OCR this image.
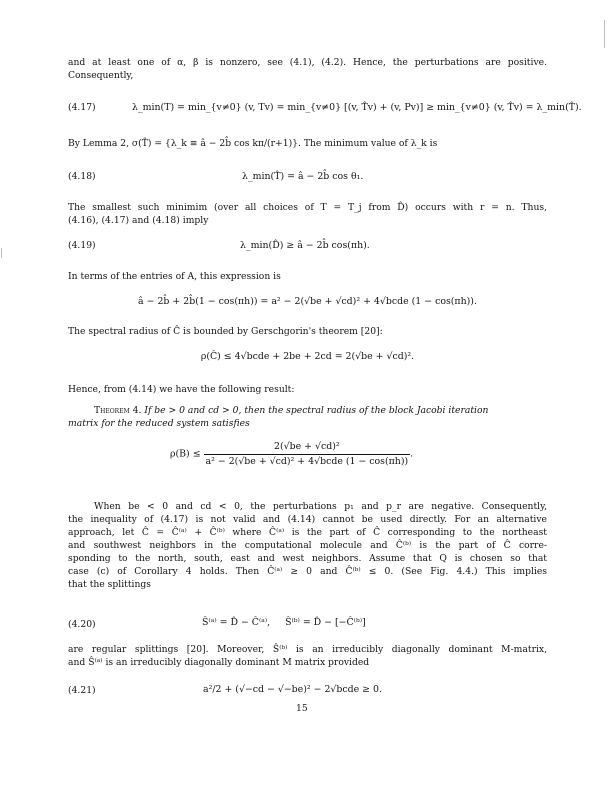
and at least one of α, β is nonzero, see (4.1), (4.2). Hence, the perturbations are positive.
Consequently,
(4.17)	λ_min(T) = min_{v≠0} (v, Tv) = min_{v≠0} [(v, T̂v) + (v, Pv)] ≥ min_{v≠0} (v, T̂v) = λ_min(T̂).
By Lemma 2, σ(T̂) = {λ_k ≡ â − 2b̂ cos kπ/(r+1)}. The minimum value of λ_k is
(4.18)	λ_min(T̂) = â − 2b̂ cos θ₁.
The smallest such minimim (over all choices of T = T_j from D̂) occurs with r = n. Thus,
(4.16), (4.17) and (4.18) imply
(4.19)	λ_min(D̂) ≥ â − 2b̂ cos(πh).
In terms of the entries of A, this expression is
â − 2b̂ + 2b̂(1 − cos(πh)) = a² − 2(√be + √cd)² + 4√bcde (1 − cos(πh)).
The spectral radius of Ĉ is bounded by Gerschgorin's theorem [20]:
ρ(Ĉ) ≤ 4√bcde + 2be + 2cd = 2(√be + √cd)².
Hence, from (4.14) we have the following result:
Theorem 4. If be > 0 and cd > 0, then the spectral radius of the block Jacobi iteration
matrix for the reduced system satisfies
$\rho(B) \le \frac{\text{2(√be + √cd)²}}{\text{a² − 2(√be + √cd)² + 4√bcde (1 − cos(πh))}}$ .
When be < 0 and cd < 0, the perturbations p₁ and p_r are negative. Consequently,
the inequality of (4.17) is not valid and (4.14) cannot be used directly. For an alternative
approach, let Ĉ = Ĉ⁽ᵃ⁾ + Ĉ⁽ᵇ⁾ where Ĉ⁽ᵃ⁾ is the part of Ĉ corresponding to the northeast
and southwest neighbors in the computational molecule and Ĉ⁽ᵇ⁾ is the part of Ĉ corre-
sponding to the north, south, east and west neighbors. Assume that Q is chosen so that
case (c) of Corollary 4 holds. Then Ĉ⁽ᵃ⁾ ≥ 0 and Ĉ⁽ᵇ⁾ ≤ 0. (See Fig. 4.4.) This implies
that the splittings
(4.20)	Ŝ⁽ᵃ⁾ = D̂ − Ĉ⁽ᵃ⁾,     Ŝ⁽ᵇ⁾ = D̂ − [−Ĉ⁽ᵇ⁾]
are regular splittings [20]. Moreover, Ŝ⁽ᵇ⁾ is an irreducibly diagonally dominant M-matrix,
and Ŝ⁽ᵃ⁾ is an irreducibly diagonally dominant M matrix provided
(4.21)	a²/2 + (√−cd − √−be)² − 2√bcde ≥ 0.
15
